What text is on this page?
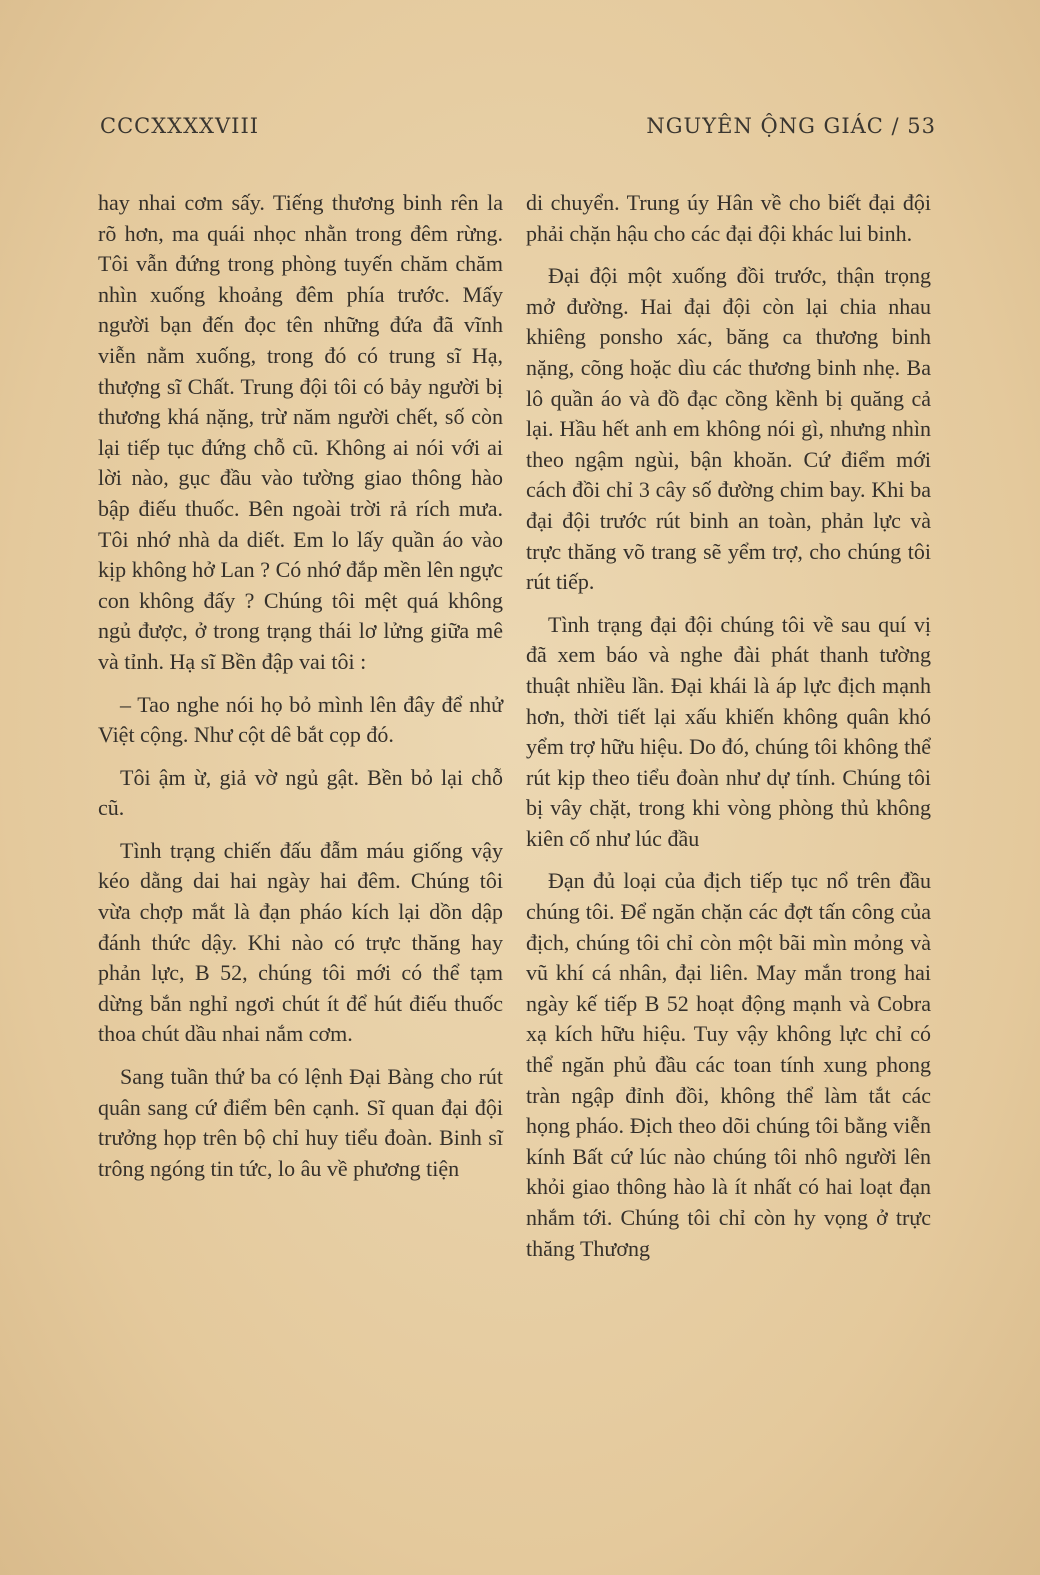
CCCXXXXVIII	NGUYÊN ỘNG GIÁC / 53

hay nhai cơm sấy. Tiếng thương binh rên la rõ hơn, ma quái nhọc nhằn trong đêm rừng. Tôi vẫn đứng trong phòng tuyến chăm chăm nhìn xuống khoảng đêm phía trước. Mấy người bạn đến đọc tên những đứa đã vĩnh viễn nằm xuống, trong đó có trung sĩ Hạ, thượng sĩ Chất. Trung đội tôi có bảy người bị thương khá nặng, trừ năm người chết, số còn lại tiếp tục đứng chỗ cũ. Không ai nói với ai lời nào, gục đầu vào tường giao thông hào bập điếu thuốc. Bên ngoài trời rả rích mưa. Tôi nhớ nhà da diết. Em lo lấy quần áo vào kịp không hở Lan ? Có nhớ đắp mền lên ngực con không đấy ? Chúng tôi mệt quá không ngủ được, ở trong trạng thái lơ lửng giữa mê và tỉnh. Hạ sĩ Bền đập vai tôi :

– Tao nghe nói họ bỏ mình lên đây để nhử Việt cộng. Như cột dê bắt cọp đó.

Tôi ậm ừ, giả vờ ngủ gật. Bền bỏ lại chỗ cũ.

Tình trạng chiến đấu đẫm máu giống vậy kéo dằng dai hai ngày hai đêm. Chúng tôi vừa chợp mắt là đạn pháo kích lại dồn dập đánh thức dậy. Khi nào có trực thăng hay phản lực, B 52, chúng tôi mới có thể tạm dừng bắn nghỉ ngơi chút ít để hút điếu thuốc thoa chút dầu nhai nắm cơm.

Sang tuần thứ ba có lệnh Đại Bàng cho rút quân sang cứ điểm bên cạnh. Sĩ quan đại đội trưởng họp trên bộ chỉ huy tiểu đoàn. Binh sĩ trông ngóng tin tức, lo âu về phương tiện

di chuyển. Trung úy Hân về cho biết đại đội phải chặn hậu cho các đại đội khác lui binh.

Đại đội một xuống đồi trước, thận trọng mở đường. Hai đại đội còn lại chia nhau khiêng ponsho xác, băng ca thương binh nặng, cõng hoặc dìu các thương binh nhẹ. Ba lô quần áo và đồ đạc cồng kềnh bị quăng cả lại. Hầu hết anh em không nói gì, nhưng nhìn theo ngậm ngùi, bận khoăn. Cứ điểm mới cách đồi chỉ 3 cây số đường chim bay. Khi ba đại đội trước rút binh an toàn, phản lực và trực thăng võ trang sẽ yểm trợ, cho chúng tôi rút tiếp.

Tình trạng đại đội chúng tôi về sau quí vị đã xem báo và nghe đài phát thanh tường thuật nhiều lần. Đại khái là áp lực địch mạnh hơn, thời tiết lại xấu khiến không quân khó yểm trợ hữu hiệu. Do đó, chúng tôi không thể rút kịp theo tiểu đoàn như dự tính. Chúng tôi bị vây chặt, trong khi vòng phòng thủ không kiên cố như lúc đầu

Đạn đủ loại của địch tiếp tục nổ trên đầu chúng tôi. Để ngăn chặn các đợt tấn công của địch, chúng tôi chỉ còn một bãi mìn mỏng và vũ khí cá nhân, đại liên. May mắn trong hai ngày kế tiếp B 52 hoạt động mạnh và Cobra xạ kích hữu hiệu. Tuy vậy không lực chỉ có thể ngăn phủ đầu các toan tính xung phong tràn ngập đỉnh đồi, không thể làm tắt các họng pháo. Địch theo dõi chúng tôi bằng viễn kính Bất cứ lúc nào chúng tôi nhô người lên khỏi giao thông hào là ít nhất có hai loạt đạn nhắm tới. Chúng tôi chỉ còn hy vọng ở trực thăng Thương
